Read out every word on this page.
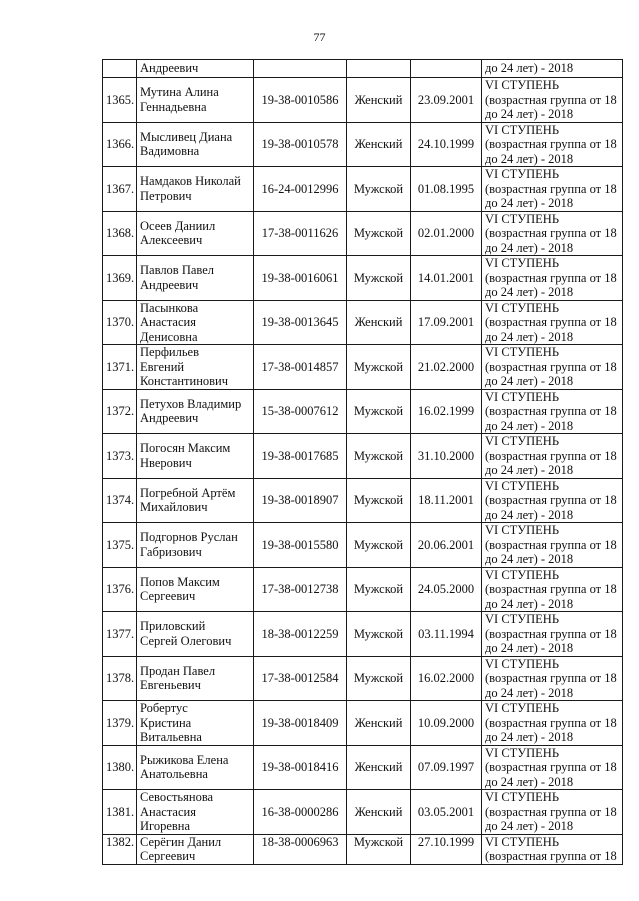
77

	Андреевич				до 24 лет) - 2018

1365.	Мутина Алина
Геннадьевна	19-38-0010586	Женский	23.09.2001	VI СТУПЕНЬ
(возрастная группа от 18
до 24 лет) - 2018

1366.	Мысливец Диана
Вадимовна	19-38-0010578	Женский	24.10.1999	VI СТУПЕНЬ
(возрастная группа от 18
до 24 лет) - 2018

1367.	Намдаков Николай
Петрович	16-24-0012996	Мужской	01.08.1995	VI СТУПЕНЬ
(возрастная группа от 18
до 24 лет) - 2018

1368.	Осеев Даниил
Алексеевич	17-38-0011626	Мужской	02.01.2000	VI СТУПЕНЬ
(возрастная группа от 18
до 24 лет) - 2018

1369.	Павлов Павел
Андреевич	19-38-0016061	Мужской	14.01.2001	VI СТУПЕНЬ
(возрастная группа от 18
до 24 лет) - 2018

1370.	Пасынкова
Анастасия
Денисовна	19-38-0013645	Женский	17.09.2001	VI СТУПЕНЬ
(возрастная группа от 18
до 24 лет) - 2018

1371.	Перфильев
Евгений
Константинович	17-38-0014857	Мужской	21.02.2000	VI СТУПЕНЬ
(возрастная группа от 18
до 24 лет) - 2018

1372.	Петухов Владимир
Андреевич	15-38-0007612	Мужской	16.02.1999	VI СТУПЕНЬ
(возрастная группа от 18
до 24 лет) - 2018

1373.	Погосян Максим
Нверович	19-38-0017685	Мужской	31.10.2000	VI СТУПЕНЬ
(возрастная группа от 18
до 24 лет) - 2018

1374.	Погребной Артём
Михайлович	19-38-0018907	Мужской	18.11.2001	VI СТУПЕНЬ
(возрастная группа от 18
до 24 лет) - 2018

1375.	Подгорнов Руслан
Габризович	19-38-0015580	Мужской	20.06.2001	VI СТУПЕНЬ
(возрастная группа от 18
до 24 лет) - 2018

1376.	Попов Максим
Сергеевич	17-38-0012738	Мужской	24.05.2000	VI СТУПЕНЬ
(возрастная группа от 18
до 24 лет) - 2018

1377.	Приловский
Сергей Олегович	18-38-0012259	Мужской	03.11.1994	VI СТУПЕНЬ
(возрастная группа от 18
до 24 лет) - 2018

1378.	Продан Павел
Евгеньевич	17-38-0012584	Мужской	16.02.2000	VI СТУПЕНЬ
(возрастная группа от 18
до 24 лет) - 2018

1379.	Робертус
Кристина
Витальевна	19-38-0018409	Женский	10.09.2000	VI СТУПЕНЬ
(возрастная группа от 18
до 24 лет) - 2018

1380.	Рыжикова Елена
Анатольевна	19-38-0018416	Женский	07.09.1997	VI СТУПЕНЬ
(возрастная группа от 18
до 24 лет) - 2018

1381.	Севостьянова
Анастасия
Игоревна	16-38-0000286	Женский	03.05.2001	VI СТУПЕНЬ
(возрастная группа от 18
до 24 лет) - 2018

1382.	Серёгин Данил
Сергеевич	18-38-0006963	Мужской	27.10.1999	VI СТУПЕНЬ
(возрастная группа от 18
